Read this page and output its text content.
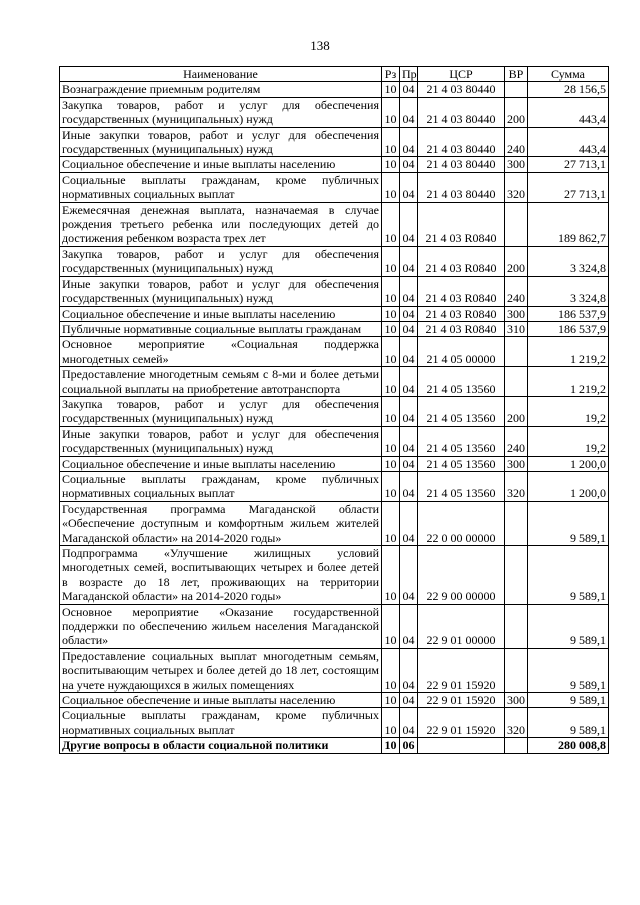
138
Наименование	Рз	Пр	ЦСР	ВР	Сумма
Вознаграждение приемным родителям	10	04	21 4 03 80440		28 156,5
Закупка товаров, работ и услуг для обеспечения государственных (муниципальных) нужд	10	04	21 4 03 80440	200	443,4
Иные закупки товаров, работ и услуг для обеспечения государственных (муниципальных) нужд	10	04	21 4 03 80440	240	443,4
Социальное обеспечение и иные выплаты населению	10	04	21 4 03 80440	300	27 713,1
Социальные выплаты гражданам, кроме публичных нормативных социальных выплат	10	04	21 4 03 80440	320	27 713,1
Ежемесячная денежная выплата, назначаемая в случае рождения третьего ребенка или последующих детей до достижения ребенком возраста трех лет	10	04	21 4 03 R0840		189 862,7
Закупка товаров, работ и услуг для обеспечения государственных (муниципальных) нужд	10	04	21 4 03 R0840	200	3 324,8
Иные закупки товаров, работ и услуг для обеспечения государственных (муниципальных) нужд	10	04	21 4 03 R0840	240	3 324,8
Социальное обеспечение и иные выплаты населению	10	04	21 4 03 R0840	300	186 537,9
Публичные нормативные социальные выплаты гражданам	10	04	21 4 03 R0840	310	186 537,9
Основное мероприятие «Социальная поддержка многодетных семей»	10	04	21 4 05 00000		1 219,2
Предоставление многодетным семьям с 8-ми и более детьми социальной выплаты на приобретение автотранспорта	10	04	21 4 05 13560		1 219,2
Закупка товаров, работ и услуг для обеспечения государственных (муниципальных) нужд	10	04	21 4 05 13560	200	19,2
Иные закупки товаров, работ и услуг для обеспечения государственных (муниципальных) нужд	10	04	21 4 05 13560	240	19,2
Социальное обеспечение и иные выплаты населению	10	04	21 4 05 13560	300	1 200,0
Социальные выплаты гражданам, кроме публичных нормативных социальных выплат	10	04	21 4 05 13560	320	1 200,0
Государственная программа Магаданской области «Обеспечение доступным и комфортным жильем жителей Магаданской области» на 2014-2020 годы»	10	04	22 0 00 00000		9 589,1
Подпрограмма «Улучшение жилищных условий многодетных семей, воспитывающих четырех и более детей в возрасте до 18 лет, проживающих на территории Магаданской области» на 2014-2020 годы»	10	04	22 9 00 00000		9 589,1
Основное мероприятие «Оказание государственной поддержки по обеспечению жильем населения Магаданской области»	10	04	22 9 01 00000		9 589,1
Предоставление социальных выплат многодетным семьям, воспитывающим четырех и более детей до 18 лет, состоящим на учете нуждающихся в жилых помещениях	10	04	22 9 01 15920		9 589,1
Социальное обеспечение и иные выплаты населению	10	04	22 9 01 15920	300	9 589,1
Социальные выплаты гражданам, кроме публичных нормативных социальных выплат	10	04	22 9 01 15920	320	9 589,1
Другие вопросы в области социальной политики	10	06			280 008,8
